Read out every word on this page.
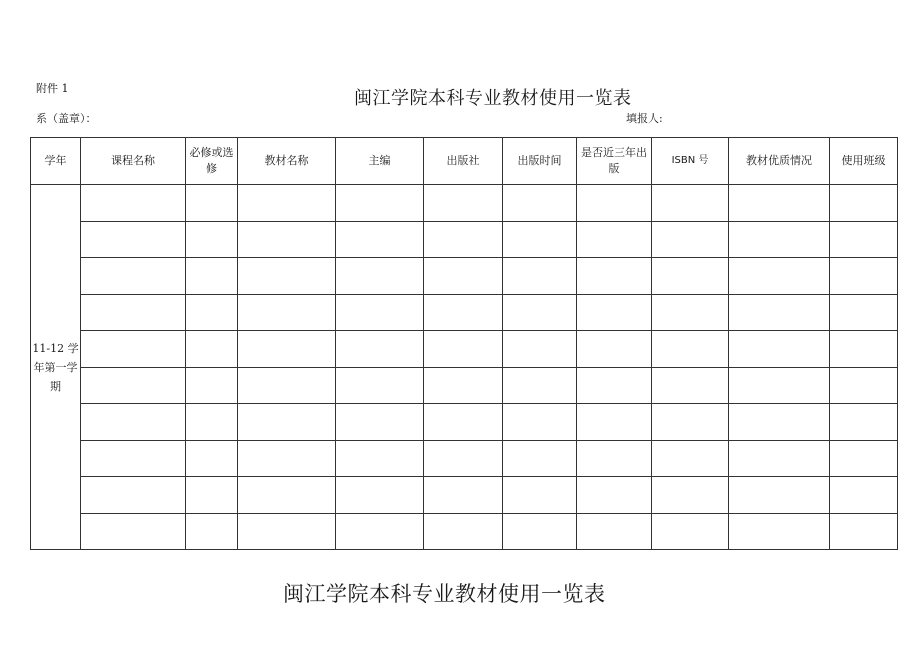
附件 1	闽江学院本科专业教材使用一览表
系（盖章）：	填报人:
学年	课程名称	必修或选修	教材名称	主编	出版社	出版时间	是否近三年出版	ISBN 号	教材优质情况	使用班级
11-12 学年第一学期										

闽江学院本科专业教材使用一览表
